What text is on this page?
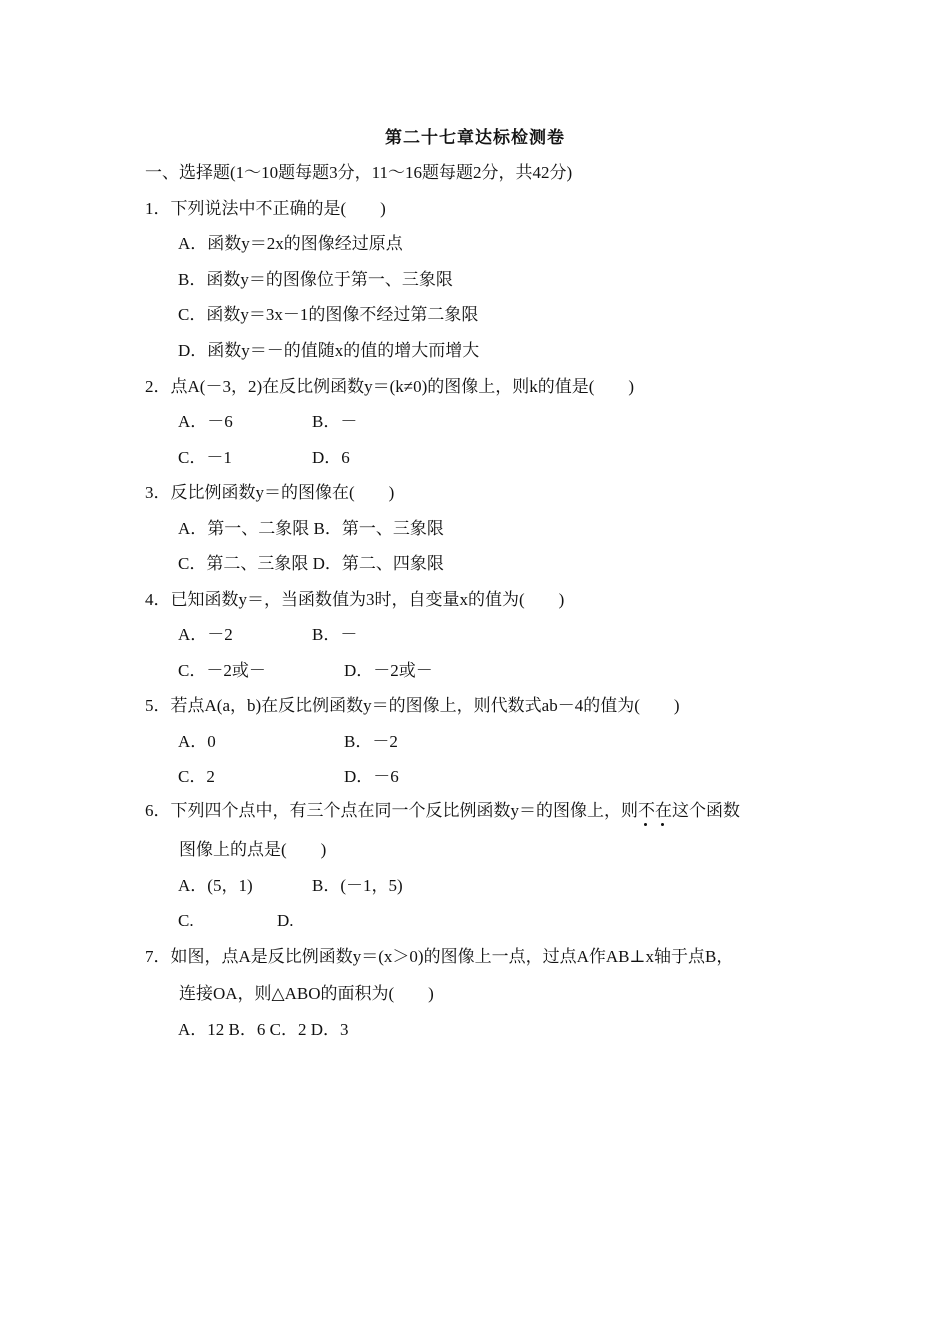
第二十七章达标检测卷
一、选择题(1～10题每题3分，11～16题每题2分，共42分)
1．下列说法中不正确的是(　　)
A．函数y＝2x的图像经过原点
B．函数y＝的图像位于第一、三象限
C．函数y＝3x－1的图像不经过第二象限
D．函数y＝－的值随x的值的增大而增大
2．点A(－3，2)在反比例函数y＝(k≠0)的图像上，则k的值是(　　)
A．－6	B．－
C．－1	D．6
3．反比例函数y＝的图像在(　　)
A．第一、二象限 B．第一、三象限
C．第二、三象限 D．第二、四象限
4．已知函数y＝，当函数值为3时，自变量x的值为(　　)
A．－2	B．－
C．－2或－	D．－2或－
5．若点A(a，b)在反比例函数y＝的图像上，则代数式ab－4的值为(　　)
A．0	B．－2
C．2	D．－6
6．下列四个点中，有三个点在同一个反比例函数y＝的图像上，则不在
这个函数
图像上的点是(　　)
A．(5，1)	B．(－1，5)
C.	D.
7．如图，点A是反比例函数y＝(x＞0)的图像上一点，过点A作AB⊥x轴于点B，
连接OA，则△ABO的面积为(　　)
A．12 B．6 C．2 D．3
